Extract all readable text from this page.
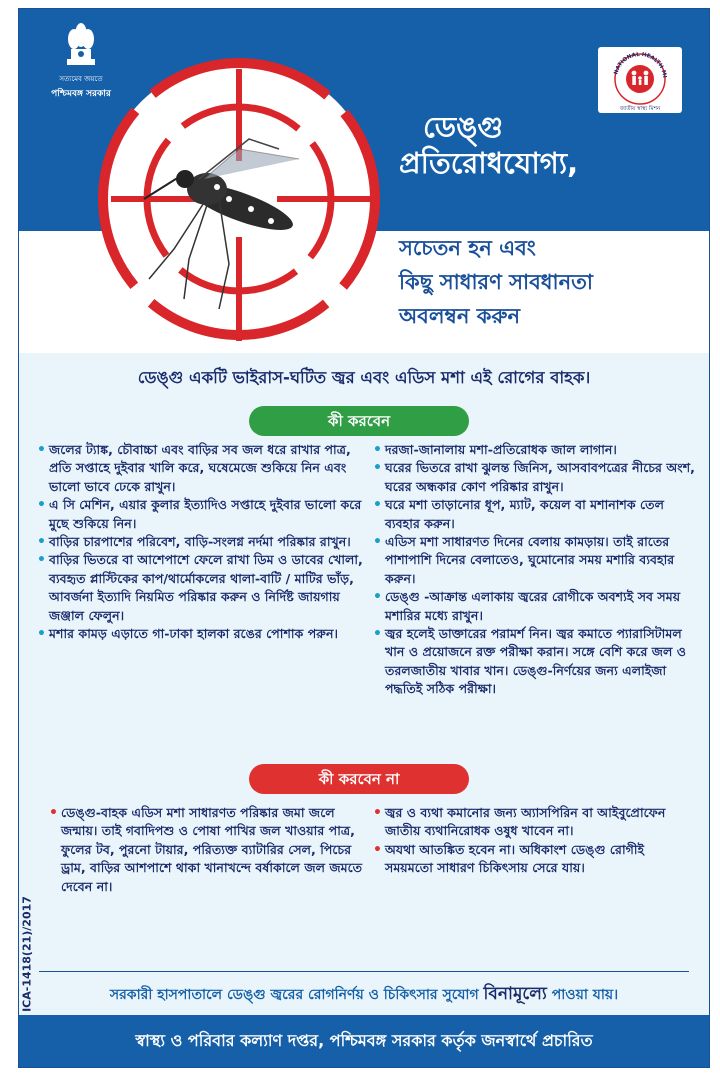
সত্যমেব জয়তে
পশ্চিমবঙ্গ সরকার
NATIONAL HEALTH MI
জাতীয় স্বাস্থ্য মিশন
ডেঙ্গু
প্রতিরোধযোগ্য,
সচেতন হন এবং
কিছু সাধারণ সাবধানতা
অবলম্বন করুন
ডেঙ্গু একটি ভাইরাস-ঘটিত জ্বর এবং এডিস মশা এই রোগের বাহক।
কী করবেন
• জলের ট্যাঙ্ক, চৌবাচ্চা এবং বাড়ির সব জল ধরে রাখার পাত্র, প্রতি সপ্তাহে দুইবার খালি করে, ঘষেমেজে শুকিয়ে নিন এবং ভালো ভাবে ঢেকে রাখুন।
• এ সি মেশিন, এয়ার কুলার ইত্যাদিও সপ্তাহে দুইবার ভালো করে মুছে শুকিয়ে নিন।
• বাড়ির চারপাশের পরিবেশ, বাড়ি-সংলগ্ন নর্দমা পরিষ্কার রাখুন।
• বাড়ির ভিতরে বা আশেপাশে ফেলে রাখা ডিম ও ডাবের খোলা, ব্যবহৃত প্লাস্টিকের কাপ/থার্মোকলের থালা-বাটি / মাটির ভাঁড়, আবর্জনা ইত্যাদি নিয়মিত পরিষ্কার করুন ও নির্দিষ্ট জায়গায় জঞ্জাল ফেলুন।
• মশার কামড় এড়াতে গা-ঢাকা হালকা রঙের পোশাক পরুন।
• দরজা-জানালায় মশা-প্রতিরোধক জাল লাগান।
• ঘরের ভিতরে রাখা ঝুলন্ত জিনিস, আসবাবপত্রের নীচের অংশ, ঘরের অন্ধকার কোণ পরিষ্কার রাখুন।
• ঘরে মশা তাড়ানোর ধূপ, ম্যাট, কয়েল বা মশানাশক তেল ব্যবহার করুন।
• এডিস মশা সাধারণত দিনের বেলায় কামড়ায়। তাই রাতের পাশাপাশি দিনের বেলাতেও, ঘুমোনোর সময় মশারি ব্যবহার করুন।
• ডেঙ্গু -আক্রান্ত এলাকায় জ্বরের রোগীকে অবশ্যই সব সময় মশারির মধ্যে রাখুন।
• জ্বর হলেই ডাক্তারের পরামর্শ নিন। জ্বর কমাতে প্যারাসিটামল খান ও প্রয়োজনে রক্ত পরীক্ষা করান। সঙ্গে বেশি করে জল ও তরলজাতীয় খাবার খান। ডেঙ্গু-নির্ণয়ের জন্য এলাইজা পদ্ধতিই সঠিক পরীক্ষা।
কী করবেন না
• ডেঙ্গু-বাহক এডিস মশা সাধারণত পরিষ্কার জমা জলে জন্মায়। তাই গবাদিপশু ও পোষা পাখির জল খাওয়ার পাত্র, ফুলের টব, পুরনো টায়ার, পরিত্যক্ত ব্যাটারির সেল, পিচের ড্রাম, বাড়ির আশপাশে থাকা খানাখন্দে বর্ষাকালে জল জমতে দেবেন না।
• জ্বর ও ব্যথা কমানোর জন্য অ্যাসপিরিন বা আইবুপ্রোফেন জাতীয় ব্যথানিরোধক ওষুধ খাবেন না।
• অযথা আতঙ্কিত হবেন না। অধিকাংশ ডেঙ্গু রোগীই সময়মতো সাধারণ চিকিৎসায় সেরে যায়।
ICA-1418(21)/2017	সরকারী হাসপাতালে ডেঙ্গু জ্বরের রোগনির্ণয় ও চিকিৎসার সুযোগ বিনামূল্যে পাওয়া যায়।
স্বাস্থ্য ও পরিবার কল্যাণ দপ্তর, পশ্চিমবঙ্গ সরকার কর্তৃক জনস্বার্থে প্রচারিত
